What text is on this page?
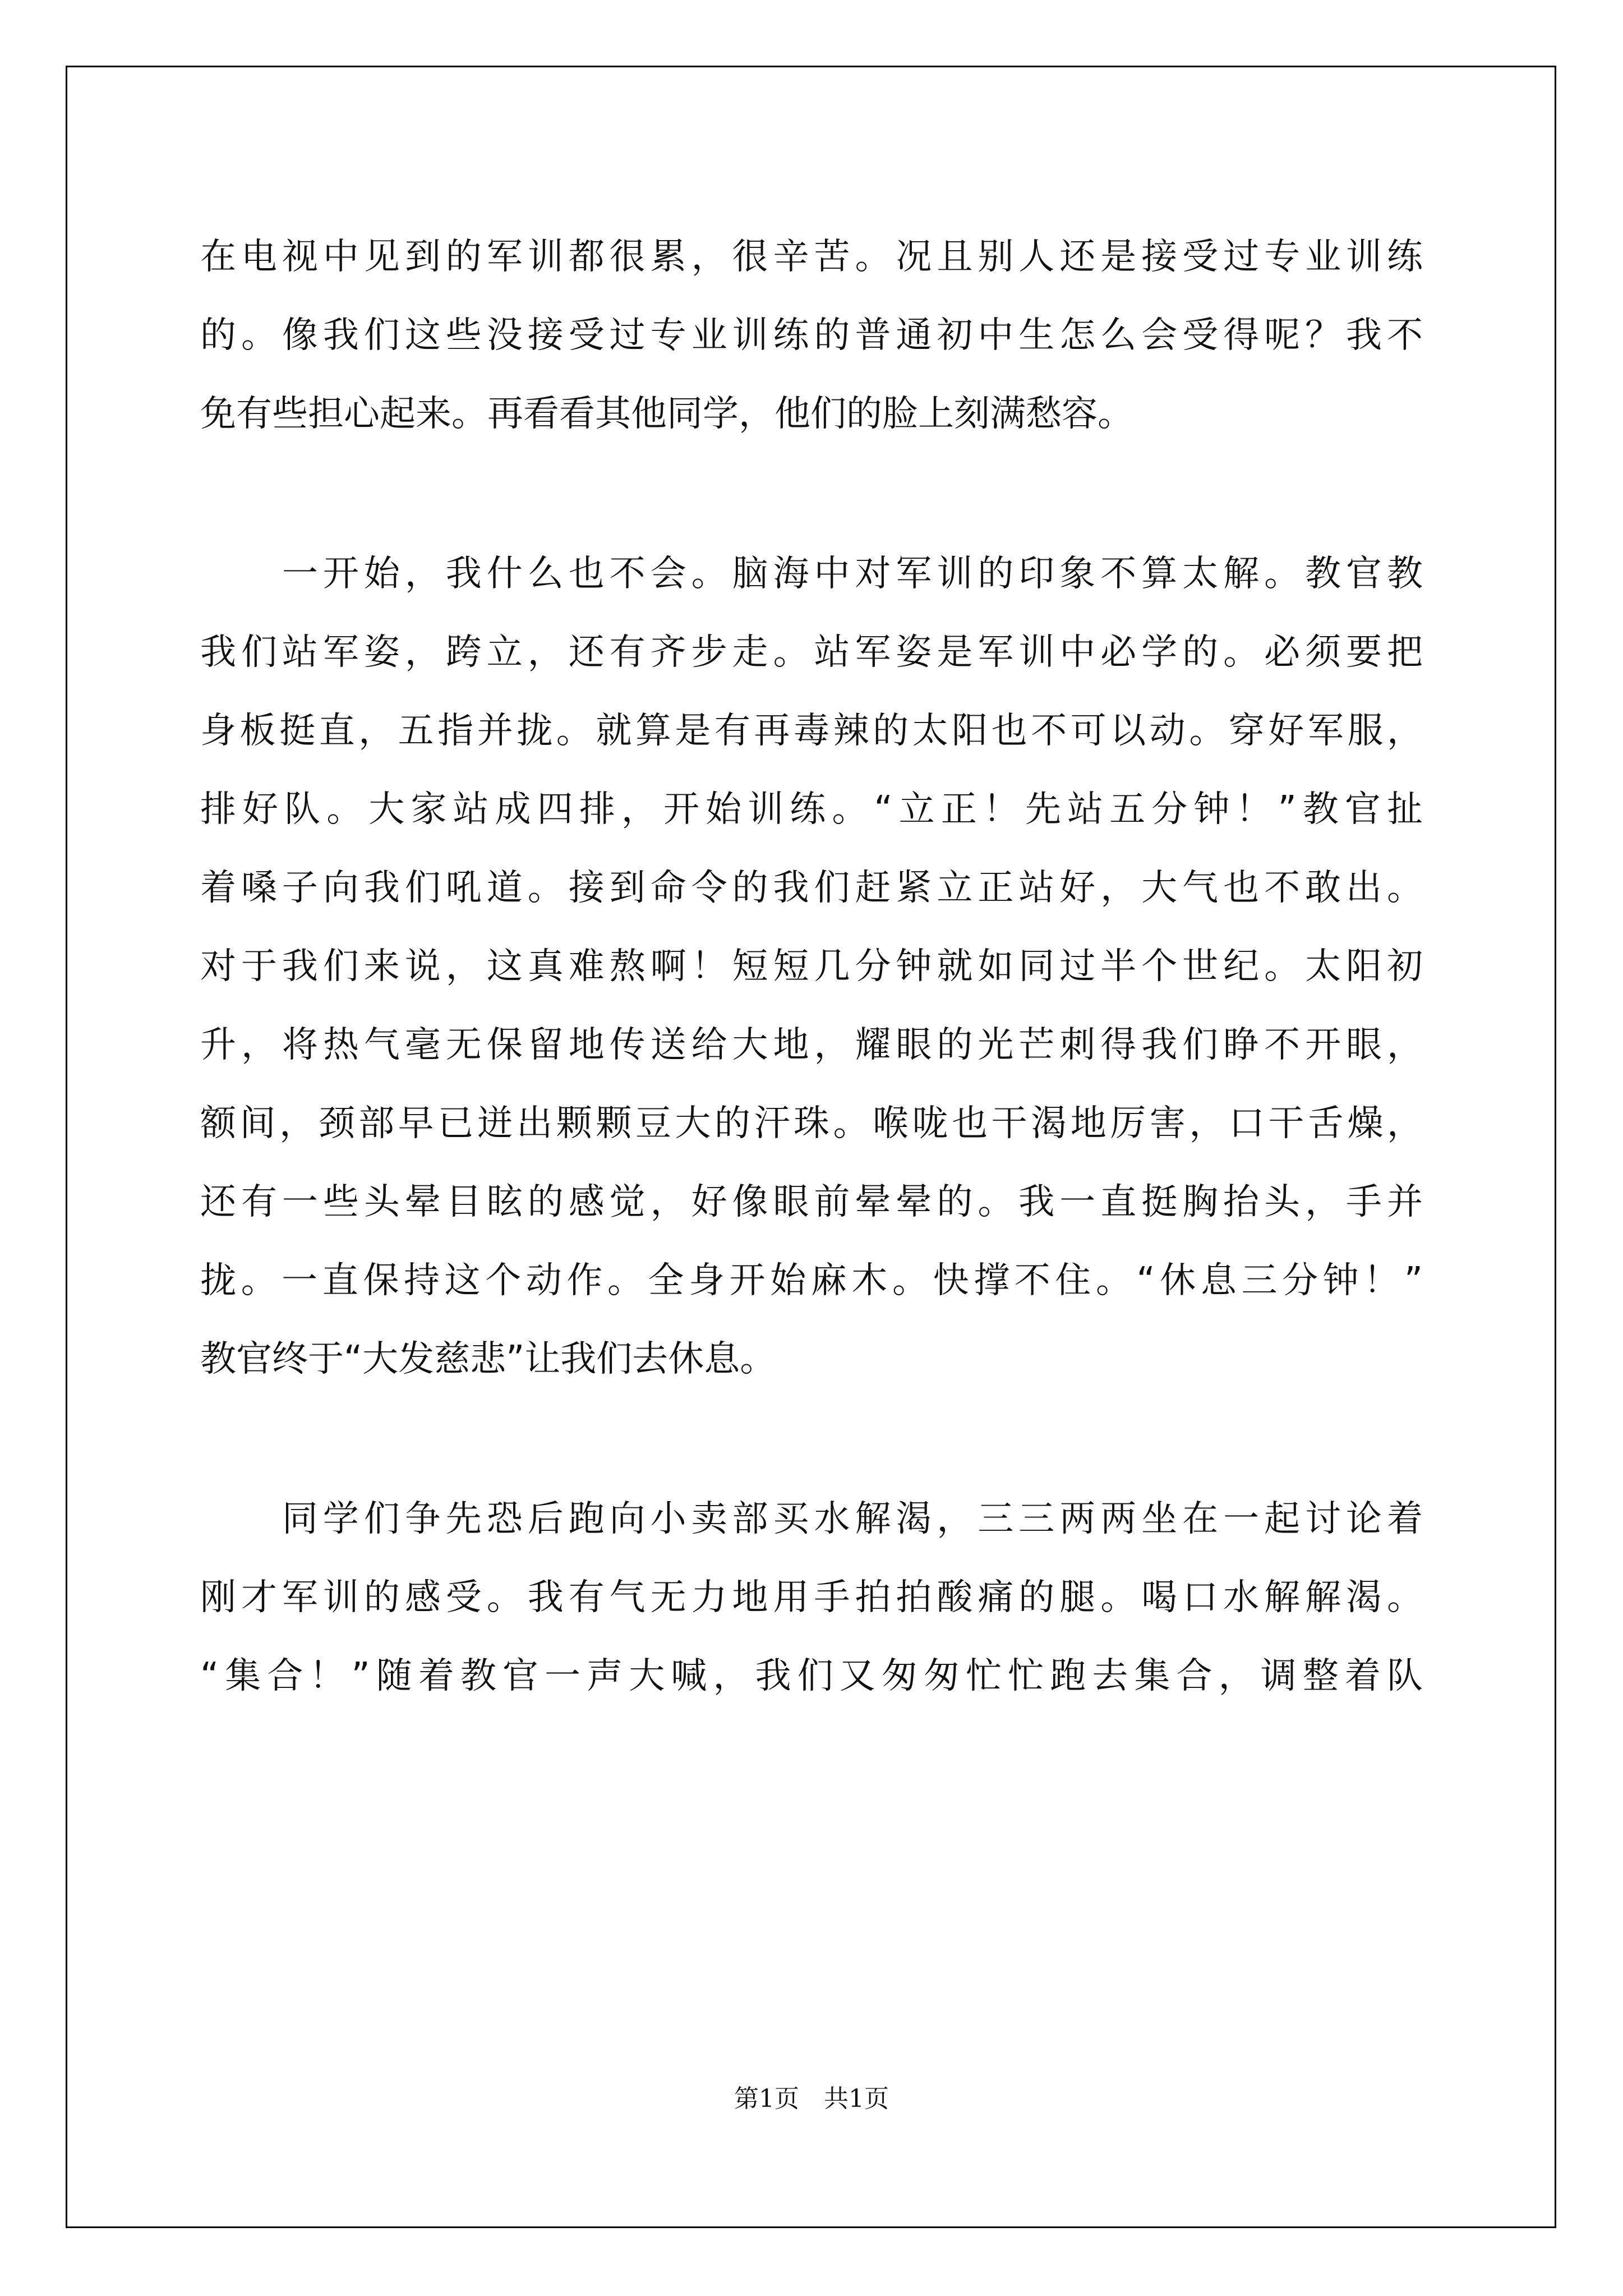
在电视中见到的军训都很累，很辛苦。况且别人还是接受过专业训练
的。像我们这些没接受过专业训练的普通初中生怎么会受得呢？我不
免有些担心起来。再看看其他同学，他们的脸上刻满愁容。
　　一开始，我什么也不会。脑海中对军训的印象不算太解。教官教
我们站军姿，跨立，还有齐步走。站军姿是军训中必学的。必须要把
身板挺直，五指并拢。就算是有再毒辣的太阳也不可以动。穿好军服，
排好队。大家站成四排，开始训练。“立正！先站五分钟！”教官扯
着嗓子向我们吼道。接到命令的我们赶紧立正站好，大气也不敢出。
对于我们来说，这真难熬啊！短短几分钟就如同过半个世纪。太阳初
升，将热气毫无保留地传送给大地，耀眼的光芒刺得我们睁不开眼，
额间，颈部早已迸出颗颗豆大的汗珠。喉咙也干渴地厉害，口干舌燥，
还有一些头晕目眩的感觉，好像眼前晕晕的。我一直挺胸抬头，手并
拢。一直保持这个动作。全身开始麻木。快撑不住。“休息三分钟！”
教官终于“大发慈悲”让我们去休息。
　　同学们争先恐后跑向小卖部买水解渴，三三两两坐在一起讨论着
刚才军训的感受。我有气无力地用手拍拍酸痛的腿。喝口水解解渴。
“集合！”随着教官一声大喊，我们又匆匆忙忙跑去集合，调整着队
第1页　共1页
